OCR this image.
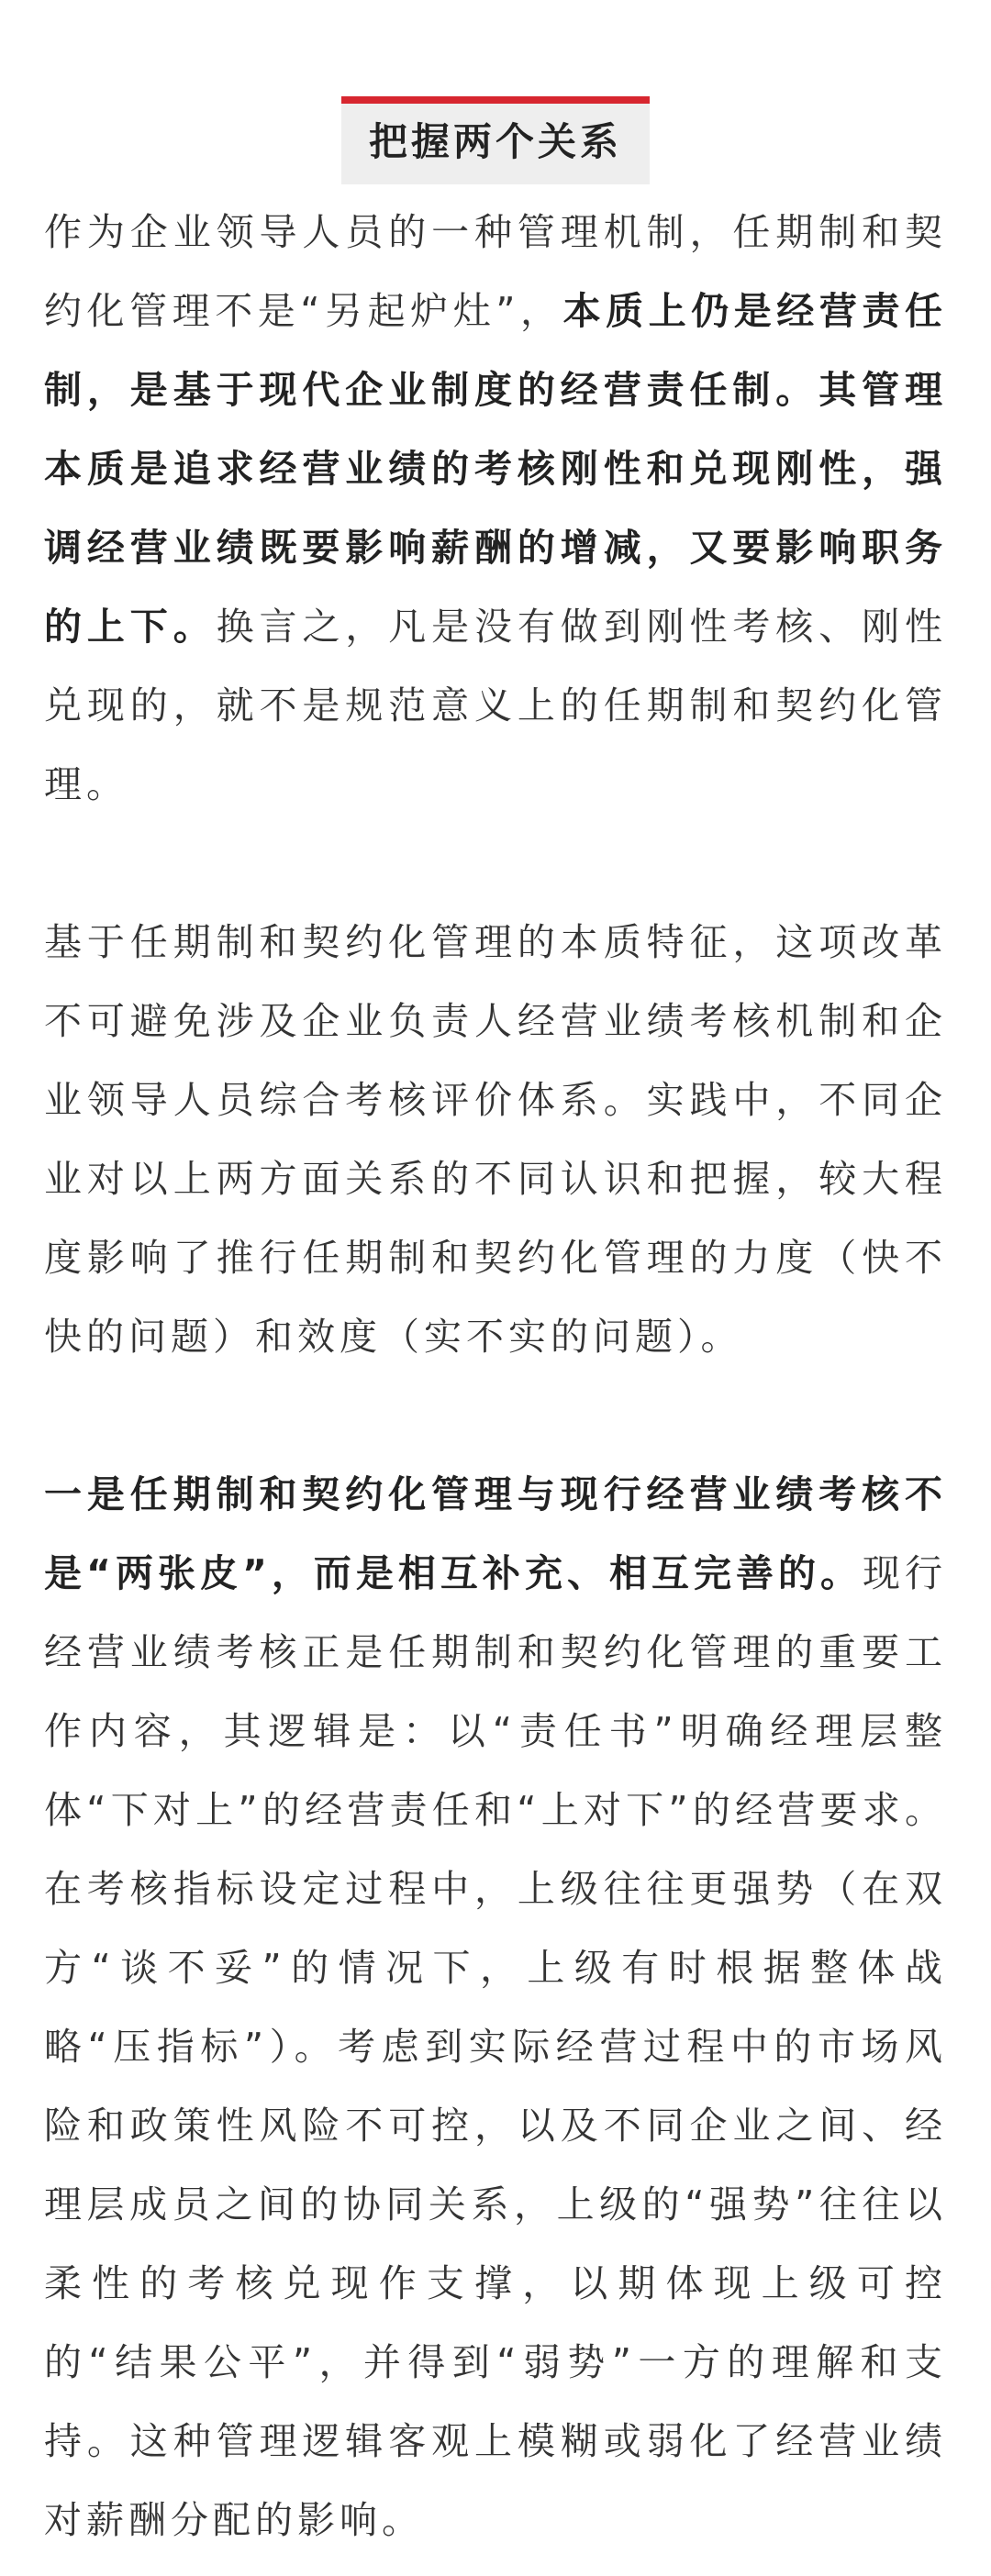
把握两个关系

作为企业领导人员的一种管理机制，任期制和契约化管理不是“另起炉灶”，本质上仍是经营责任制，是基于现代企业制度的经营责任制。其管理本质是追求经营业绩的考核刚性和兑现刚性，强调经营业绩既要影响薪酬的增减，又要影响职务的上下。换言之，凡是没有做到刚性考核、刚性兑现的，就不是规范意义上的任期制和契约化管理。

基于任期制和契约化管理的本质特征，这项改革不可避免涉及企业负责人经营业绩考核机制和企业领导人员综合考核评价体系。实践中，不同企业对以上两方面关系的不同认识和把握，较大程度影响了推行任期制和契约化管理的力度（快不快的问题）和效度（实不实的问题）。

一是任期制和契约化管理与现行经营业绩考核不是“两张皮”，而是相互补充、相互完善的。现行经营业绩考核正是任期制和契约化管理的重要工作内容，其逻辑是：以“责任书”明确经理层整体“下对上”的经营责任和“上对下”的经营要求。在考核指标设定过程中，上级往往更强势（在双方“谈不妥”的情况下，上级有时根据整体战略“压指标”）。考虑到实际经营过程中的市场风险和政策性风险不可控，以及不同企业之间、经理层成员之间的协同关系，上级的“强势”往往以柔性的考核兑现作支撑，以期体现上级可控的“结果公平”，并得到“弱势”一方的理解和支持。这种管理逻辑客观上模糊或弱化了经营业绩对薪酬分配的影响。
